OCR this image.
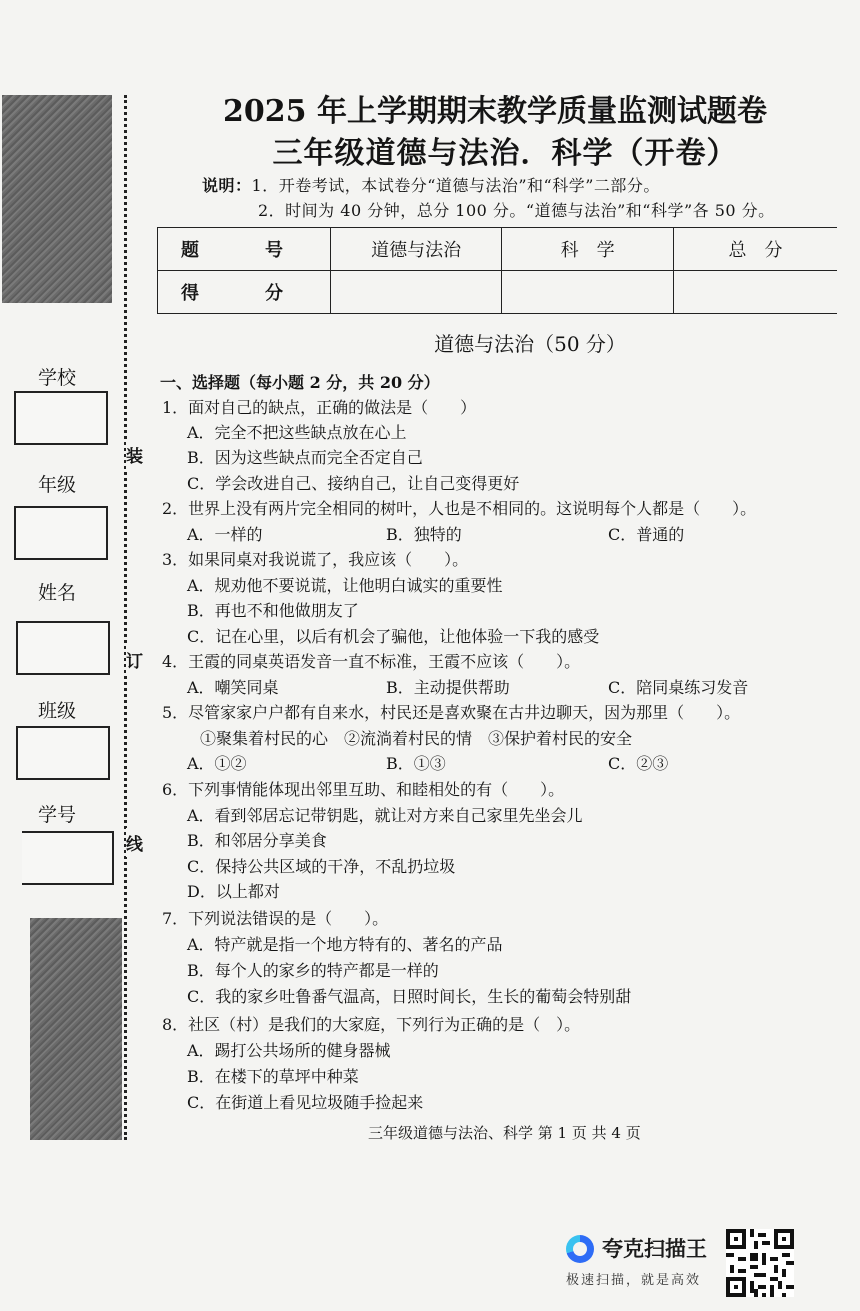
装
订
线
学校
年级
姓名
班级
学号
2025 年上学期期末教学质量监测试题卷
三年级道德与法治．科学（开卷）
说明：1．开卷考试，本试卷分“道德与法治”和“科学”二部分。
2．时间为 40 分钟，总分 100 分。“道德与法治”和“科学”各 50 分。
题　号	道德与法治	科　学	总　分
得　分			
道德与法治（50 分）
一、选择题（每小题 2 分，共 20 分）
1．面对自己的缺点，正确的做法是（　　）
A．完全不把这些缺点放在心上
B．因为这些缺点而完全否定自己
C．学会改进自己、接纳自己，让自己变得更好
2．世界上没有两片完全相同的树叶，人也是不相同的。这说明每个人都是（　　）。
A．一样的	B．独特的	C．普通的
3．如果同桌对我说谎了，我应该（　　）。
A．规劝他不要说谎，让他明白诚实的重要性
B．再也不和他做朋友了
C．记在心里，以后有机会了骗他，让他体验一下我的感受
4．王霞的同桌英语发音一直不标准，王霞不应该（　　）。
A．嘲笑同桌	B．主动提供帮助	C．陪同桌练习发音
5．尽管家家户户都有自来水，村民还是喜欢聚在古井边聊天，因为那里（　　）。
①聚集着村民的心　②流淌着村民的情　③保护着村民的安全
A．①②	B．①③	C．②③
6．下列事情能体现出邻里互助、和睦相处的有（　　）。
A．看到邻居忘记带钥匙，就让对方来自己家里先坐会儿
B．和邻居分享美食
C．保持公共区域的干净，不乱扔垃圾
D．以上都对
7．下列说法错误的是（　　）。
A．特产就是指一个地方特有的、著名的产品
B．每个人的家乡的特产都是一样的
C．我的家乡吐鲁番气温高，日照时间长，生长的葡萄会特别甜
8．社区（村）是我们的大家庭，下列行为正确的是（　）。
A．踢打公共场所的健身器械
B．在楼下的草坪中种菜
C．在街道上看见垃圾随手捡起来
三年级道德与法治、科学 第 1 页 共 4 页
夸克扫描王
极速扫描，就是高效
